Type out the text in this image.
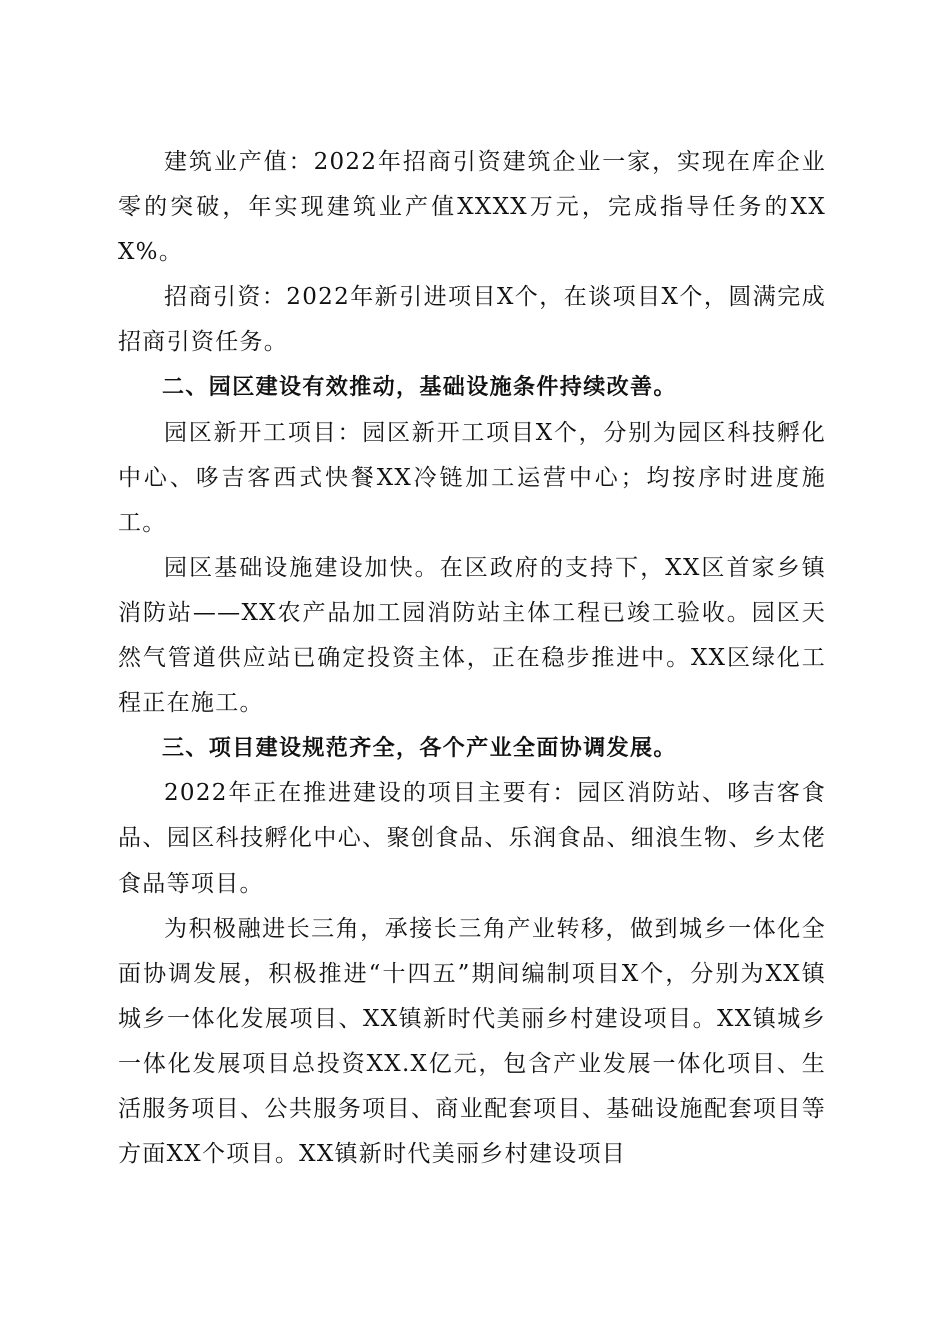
建筑业产值：2022年招商引资建筑企业一家，实现在库企业零的突破，年实现建筑业产值XXXX万元，完成指导任务的XXX%。

招商引资：2022年新引进项目X个，在谈项目X个，圆满完成招商引资任务。

二、园区建设有效推动，基础设施条件持续改善。

园区新开工项目：园区新开工项目X个，分别为园区科技孵化中心、哆吉客西式快餐XX冷链加工运营中心；均按序时进度施工。

园区基础设施建设加快。在区政府的支持下，XX区首家乡镇消防站——XX农产品加工园消防站主体工程已竣工验收。园区天然气管道供应站已确定投资主体，正在稳步推进中。XX区绿化工程正在施工。

三、项目建设规范齐全，各个产业全面协调发展。

2022年正在推进建设的项目主要有：园区消防站、哆吉客食品、园区科技孵化中心、聚创食品、乐润食品、细浪生物、乡太佬食品等项目。

为积极融进长三角，承接长三角产业转移，做到城乡一体化全面协调发展，积极推进“十四五”期间编制项目X个，分别为XX镇城乡一体化发展项目、XX镇新时代美丽乡村建设项目。XX镇城乡一体化发展项目总投资XX.X亿元，包含产业发展一体化项目、生活服务项目、公共服务项目、商业配套项目、基础设施配套项目等方面XX个项目。XX镇新时代美丽乡村建设项目
